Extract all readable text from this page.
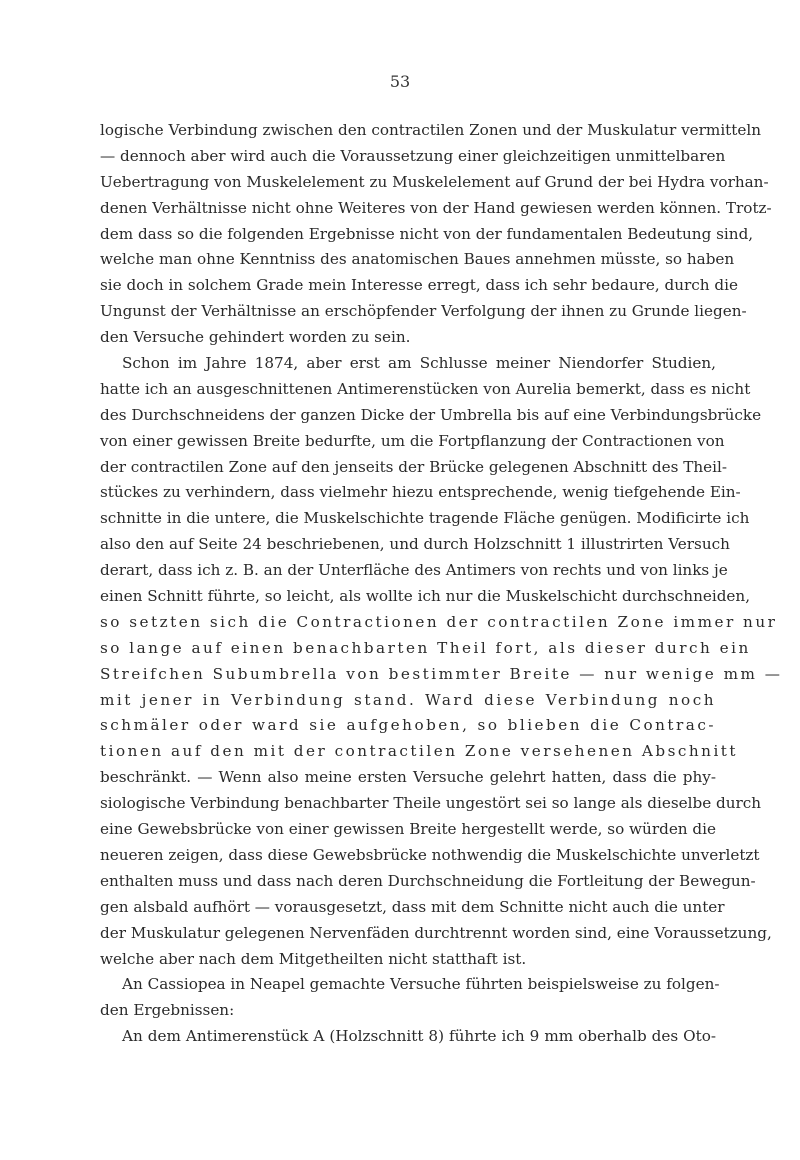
53
logische Verbindung zwischen den contractilen Zonen und der Muskulatur vermitteln
— dennoch aber wird auch die Voraussetzung einer gleichzeitigen unmittelbaren
Uebertragung von Muskelelement zu Muskelelement auf Grund der bei Hydra vorhan-
denen Verhältnisse nicht ohne Weiteres von der Hand gewiesen werden können. Trotz-
dem dass so die folgenden Ergebnisse nicht von der fundamentalen Bedeutung sind,
welche man ohne Kenntniss des anatomischen Baues annehmen müsste, so haben
sie doch in solchem Grade mein Interesse erregt, dass ich sehr bedaure, durch die
Ungunst der Verhältnisse an erschöpfender Verfolgung der ihnen zu Grunde liegen-
den Versuche gehindert worden zu sein.
Schon im Jahre 1874, aber erst am Schlusse meiner Niendorfer Studien,
hatte ich an ausgeschnittenen Antimerenstücken von Aurelia bemerkt, dass es nicht
des Durchschneidens der ganzen Dicke der Umbrella bis auf eine Verbindungsbrücke
von einer gewissen Breite bedurfte, um die Fortpflanzung der Contractionen von
der contractilen Zone auf den jenseits der Brücke gelegenen Abschnitt des Theil-
stückes zu verhindern, dass vielmehr hiezu entsprechende, wenig tiefgehende Ein-
schnitte in die untere, die Muskelschichte tragende Fläche genügen. Modificirte ich
also den auf Seite 24 beschriebenen, und durch Holzschnitt 1 illustrirten Versuch
derart, dass ich z. B. an der Unterfläche des Antimers von rechts und von links je
einen Schnitt führte, so leicht, als wollte ich nur die Muskelschicht durchschneiden,
so setzten sich die Contractionen der contractilen Zone immer nur
so lange auf einen benachbarten Theil fort, als dieser durch ein
Streifchen Subumbrella von bestimmter Breite — nur wenige mm —
mit jener in Verbindung stand. Ward diese Verbindung noch
schmäler oder ward sie aufgehoben, so blieben die Contrac-
tionen auf den mit der contractilen Zone versehenen Abschnitt
beschränkt. — Wenn also meine ersten Versuche gelehrt hatten, dass die phy-
siologische Verbindung benachbarter Theile ungestört sei so lange als dieselbe durch
eine Gewebsbrücke von einer gewissen Breite hergestellt werde, so würden die
neueren zeigen, dass diese Gewebsbrücke nothwendig die Muskelschichte unverletzt
enthalten muss und dass nach deren Durchschneidung die Fortleitung der Bewegun-
gen alsbald aufhört — vorausgesetzt, dass mit dem Schnitte nicht auch die unter
der Muskulatur gelegenen Nervenfäden durchtrennt worden sind, eine Voraussetzung,
welche aber nach dem Mitgetheilten nicht statthaft ist.
An Cassiopea in Neapel gemachte Versuche führten beispielsweise zu folgen-
den Ergebnissen:
An dem Antimerenstück A (Holzschnitt 8) führte ich 9 mm oberhalb des Oto-
